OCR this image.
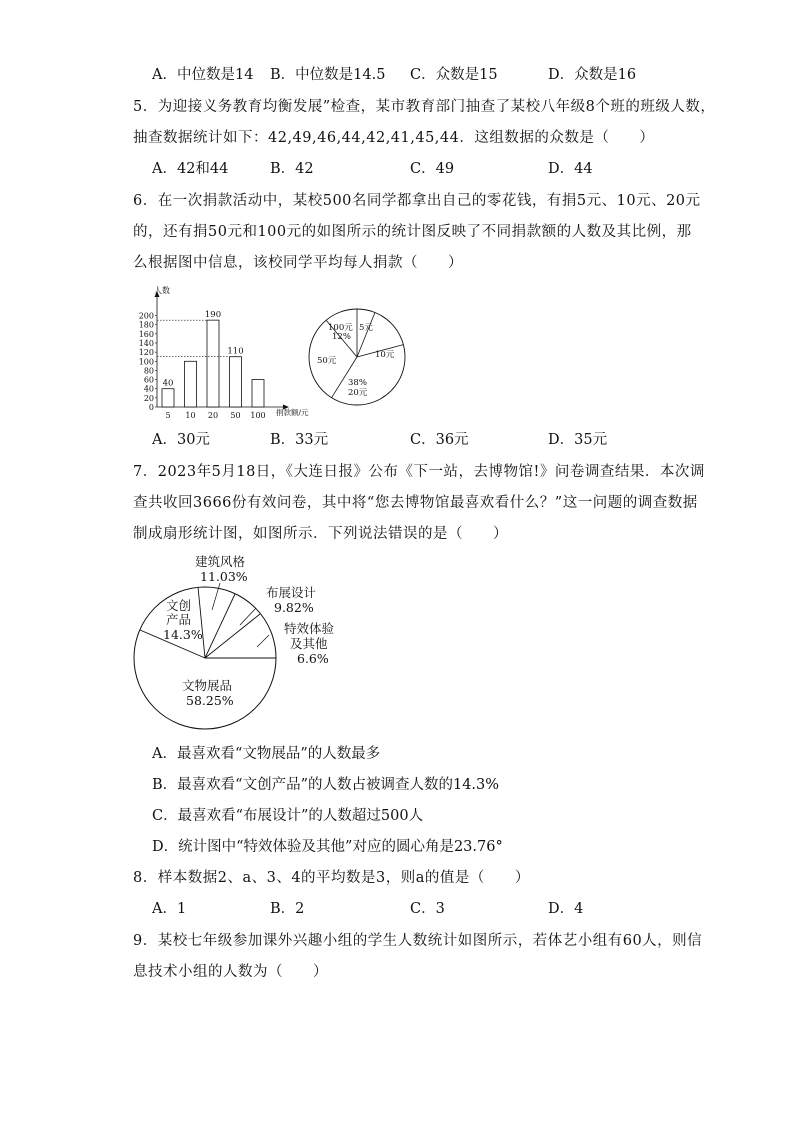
A．中位数是14 B．中位数是14.5 C．众数是15	D．众数是16
5．为迎接义务教育均衡发展”检查，某市教育部门抽查了某校八年级8个班的班级人数，
抽查数据统计如下：42,49,46,44,42,41,45,44．这组数据的众数是（　　）
A．42和44	B．42	C．49	D．44
6．在一次捐款活动中，某校500名同学都拿出自己的零花钱，有捐5元、10元、20元
的，还有捐50元和100元的如图所示的统计图反映了不同捐款额的人数及其比例，那
么根据图中信息，该校同学平均每人捐款（　　）
人数
捐款额/元
0
20
40
60
80
100
120
140
160
180
200
5
40
10 20
190
50
110
100
100元
12%
5元
10元
50元
38%
20元
A．30元	B．33元	C．36元	D．35元
7．2023年5月18日，《大连日报》公布《下一站，去博物馆!》问卷调查结果．本次调
查共收回3666份有效问卷，其中将“您去博物馆最喜欢看什么？”这一问题的调查数据
制成扇形统计图，如图所示．下列说法错误的是（　　）
建筑风格
11.03%
布展设计
9.82%
特效体验
及其他
6.6%
文物展品
58.25%
文创
产品
14.3%
A．最喜欢看“文物展品”的人数最多
B．最喜欢看“文创产品”的人数占被调查人数的14.3%
C．最喜欢看“布展设计”的人数超过500人
D．统计图中“特效体验及其他”对应的圆心角是23.76°
8．样本数据2、a、3、4的平均数是3，则a的值是（　　）
A．1	B．2	C．3	D．4
9．某校七年级参加课外兴趣小组的学生人数统计如图所示，若体艺小组有60人，则信
息技术小组的人数为（　　）
